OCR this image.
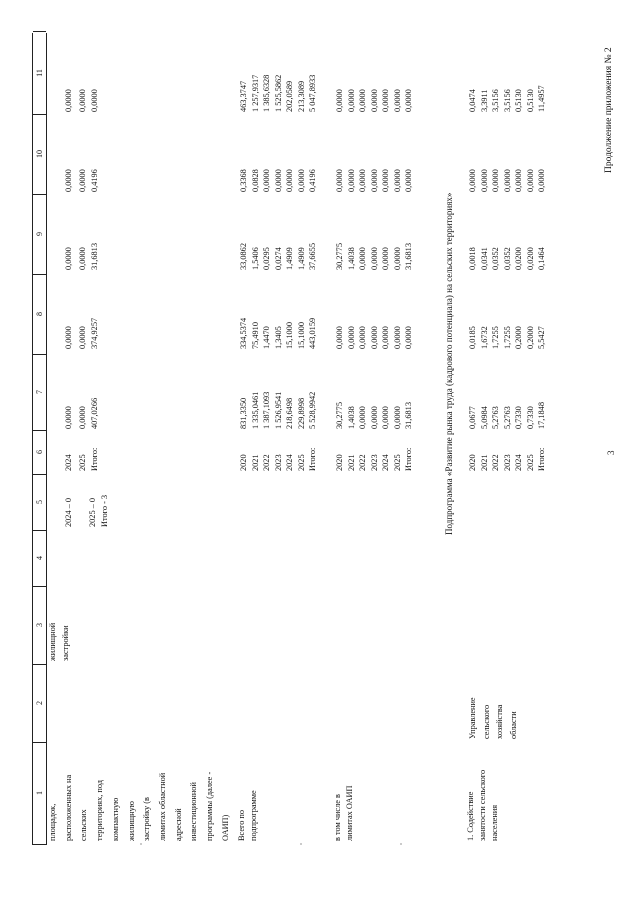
3
Продолжение приложения № 2
1
2
3
4
5
6
7
8
9
10
11
площадок, расположенных на сельских территориях, под компактную жилищную застройку (в лимитах областной адресной инвестиционной программы (далее - ОАИП)
жилищной застройки
2024 – 0 2025 – 0 Итого - 3
2024 2025 Итого:
0,0000 0,0000 407,0266
0,0000 0,0000 374,9257
0,0000 0,0000 31,6813
0,0000 0,0000 0,4196
0,0000 0,0000 0,0000
Всего по подпрограмме
2020 2021 2022 2023 2024 2025 Итого:
831,3350 1 335,0461 1 387,1093 1 526,9541 218,6498 229,8998 5 528,9942
334,5374 75,4910 1,4470 1,3405 15,1000 15,1000 443,0159
33,0862 1,5406 0,0295 0,0274 1,4909 1,4909 37,6655
0,3368 0,0828 0,0000 0,0000 0,0000 0,0000 0,4196
463,3747 1 257,9317 1 385,6328 1 525,5862 202,0589 213,3089 5 047,8933
в том числе в лимитах ОАИП
2020 2021 2022 2023 2024 2025 Итого:
30,2775 1,4038 0,0000 0,0000 0,0000 0,0000 31,6813
0,0000 0,0000 0,0000 0,0000 0,0000 0,0000 0,0000
30,2775 1,4038 0,0000 0,0000 0,0000 0,0000 31,6813
0,0000 0,0000 0,0000 0,0000 0,0000 0,0000 0,0000
0,0000 0,0000 0,0000 0,0000 0,0000 0,0000 0,0000
1. Содействие занятости сельского населения
Управление сельского хозяйства области
2020 2021 2022 2023 2024 2025 Итого:
0,0677 5,0984 5,2763 5,2763 0,7330 0,7330 17,1848
0,0185 1,6732 1,7255 1,7255 0,2000 0,2000 5,5427
0,0018 0,0341 0,0352 0,0352 0,0200 0,0200 0,1464
0,0000 0,0000 0,0000 0,0000 0,0000 0,0000 0,0000
0,0474 3,3911 3,5156 3,5156 0,5130 0,5130 11,4957
Подпрограмма «Развитие рынка труда (кадрового потенциала) на сельских территориях»
